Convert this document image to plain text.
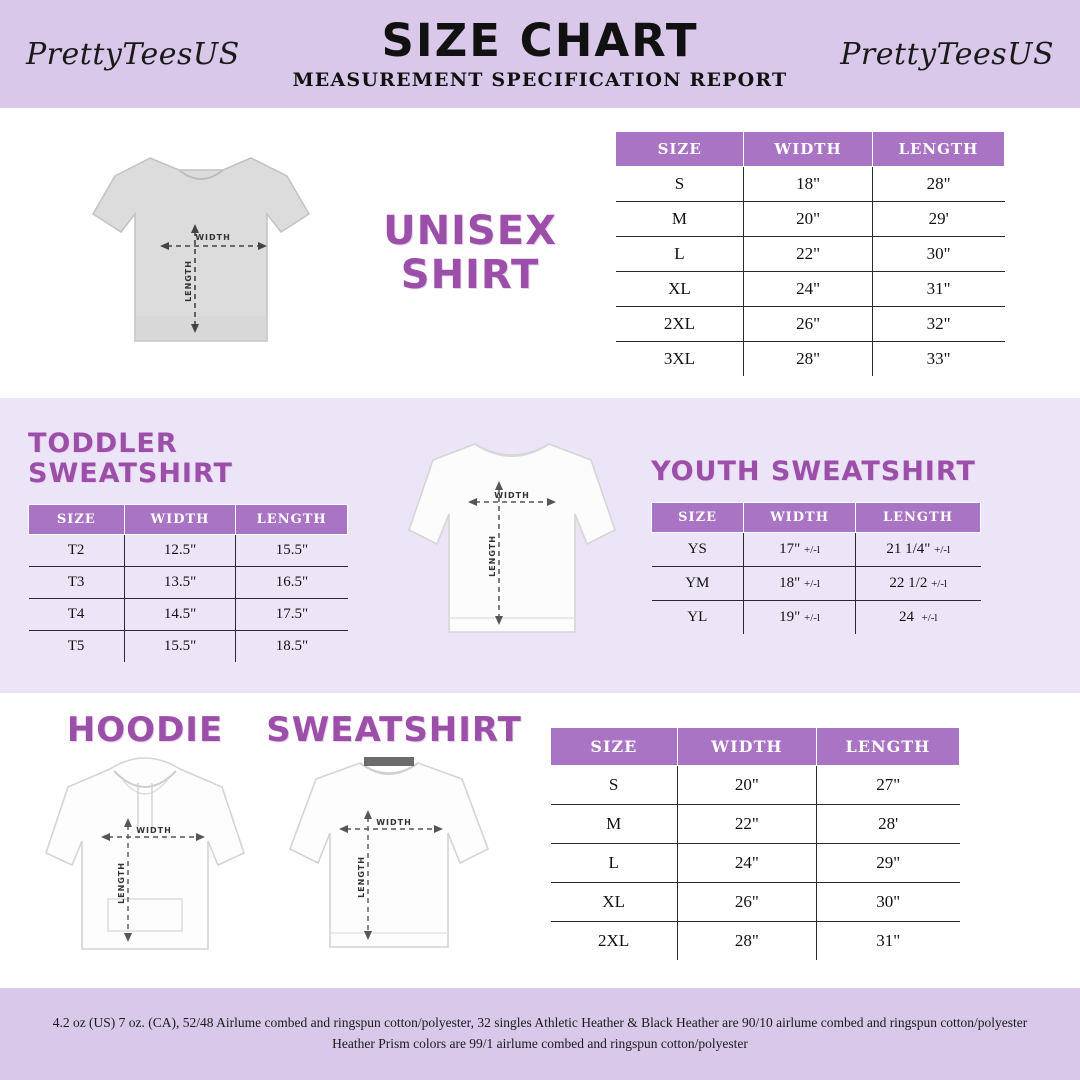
PrettyTeesUS	SIZE CHART
MEASUREMENT SPECIFICATION REPORT
PrettyTeesUS
WIDTH
LENGTH
UNISEX SHIRT
SIZE	WIDTH	LENGTH
S	18"	28"
M	20"	29'
L	22"	30"
XL	24"	31"
2XL	26"	32"
3XL	28"	33"
TODDLER SWEATSHIRT
SIZE	WIDTH	LENGTH
T2	12.5"	15.5"
T3	13.5"	16.5"
T4	14.5"	17.5"
T5	15.5"	18.5"
WIDTH
LENGTH
YOUTH SWEATSHIRT
SIZE	WIDTH	LENGTH
YS	17" +/-l	21 1/4" +/-l
YM	18" +/-l	22 1/2 +/-l
YL	19" +/-l	24 +/-l
HOODIE
WIDTH
LENGTH
SWEATSHIRT
WIDTH
LENGTH
SIZE	WIDTH	LENGTH
S	20"	27"
M	22"	28'
L	24"	29"
XL	26"	30"
2XL	28"	31"

4.2 oz (US) 7 oz. (CA), 52/48 Airlume combed and ringspun cotton/polyester, 32 singles Athletic Heather & Black Heather are 90/10 airlume combed and ringspun cotton/polyester Heather Prism colors are 99/1 airlume combed and ringspun cotton/polyester
